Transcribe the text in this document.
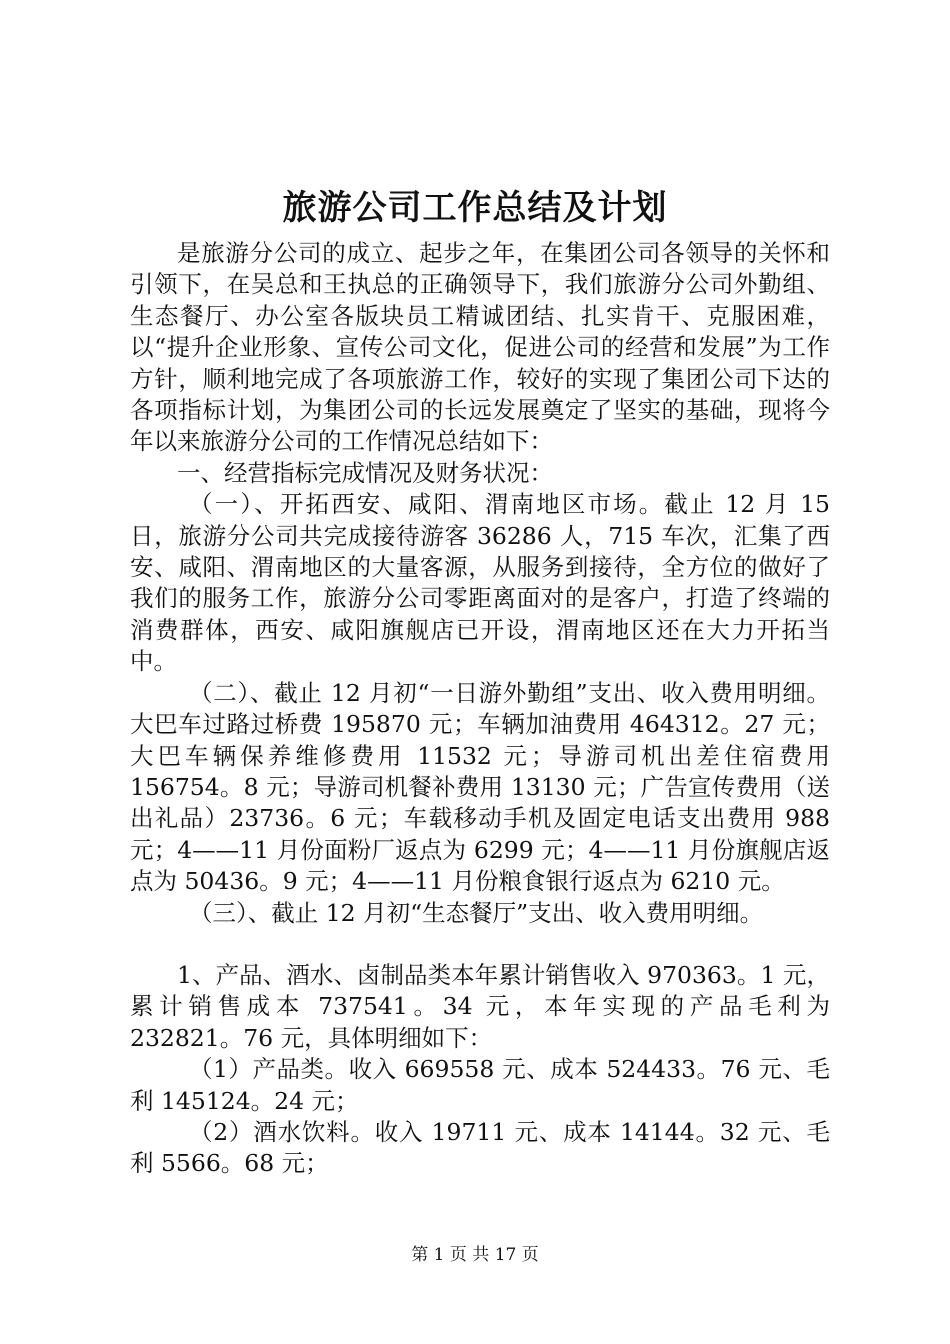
旅游公司工作总结及计划

是旅游分公司的成立、起步之年，在集团公司各领导的关怀和引领下，在吴总和王执总的正确领导下，我们旅游分公司外勤组、生态餐厅、办公室各版块员工精诚团结、扎实肯干、克服困难，以“提升企业形象、宣传公司文化，促进公司的经营和发展”为工作方针，顺利地完成了各项旅游工作，较好的实现了集团公司下达的各项指标计划，为集团公司的长远发展奠定了坚实的基础，现将今年以来旅游分公司的工作情况总结如下：

一、经营指标完成情况及财务状况：

（一）、开拓西安、咸阳、渭南地区市场。截止 12 月 15 日，旅游分公司共完成接待游客 36286 人，715 车次，汇集了西安、咸阳、渭南地区的大量客源，从服务到接待，全方位的做好了我们的服务工作，旅游分公司零距离面对的是客户，打造了终端的消费群体，西安、咸阳旗舰店已开设，渭南地区还在大力开拓当中。

（二）、截止 12 月初“一日游外勤组”支出、收入费用明细。大巴车过路过桥费 195870 元；车辆加油费用 464312。27 元；大巴车辆保养维修费用 11532 元；导游司机出差住宿费用 156754。8 元；导游司机餐补费用 13130 元；广告宣传费用（送出礼品）23736。6 元；车载移动手机及固定电话支出费用 988 元；4——11 月份面粉厂返点为 6299 元；4——11 月份旗舰店返点为 50436。9 元；4——11 月份粮食银行返点为 6210 元。

（三）、截止 12 月初“生态餐厅”支出、收入费用明细。

1、产品、酒水、卤制品类本年累计销售收入 970363。1 元，累计销售成本 737541。34 元，本年实现的产品毛利为 232821。76 元，具体明细如下：

（1）产品类。收入 669558 元、成本 524433。76 元、毛利 145124。24 元；

（2）酒水饮料。收入 19711 元、成本 14144。32 元、毛利 5566。68 元；

第 1 页 共 17 页
